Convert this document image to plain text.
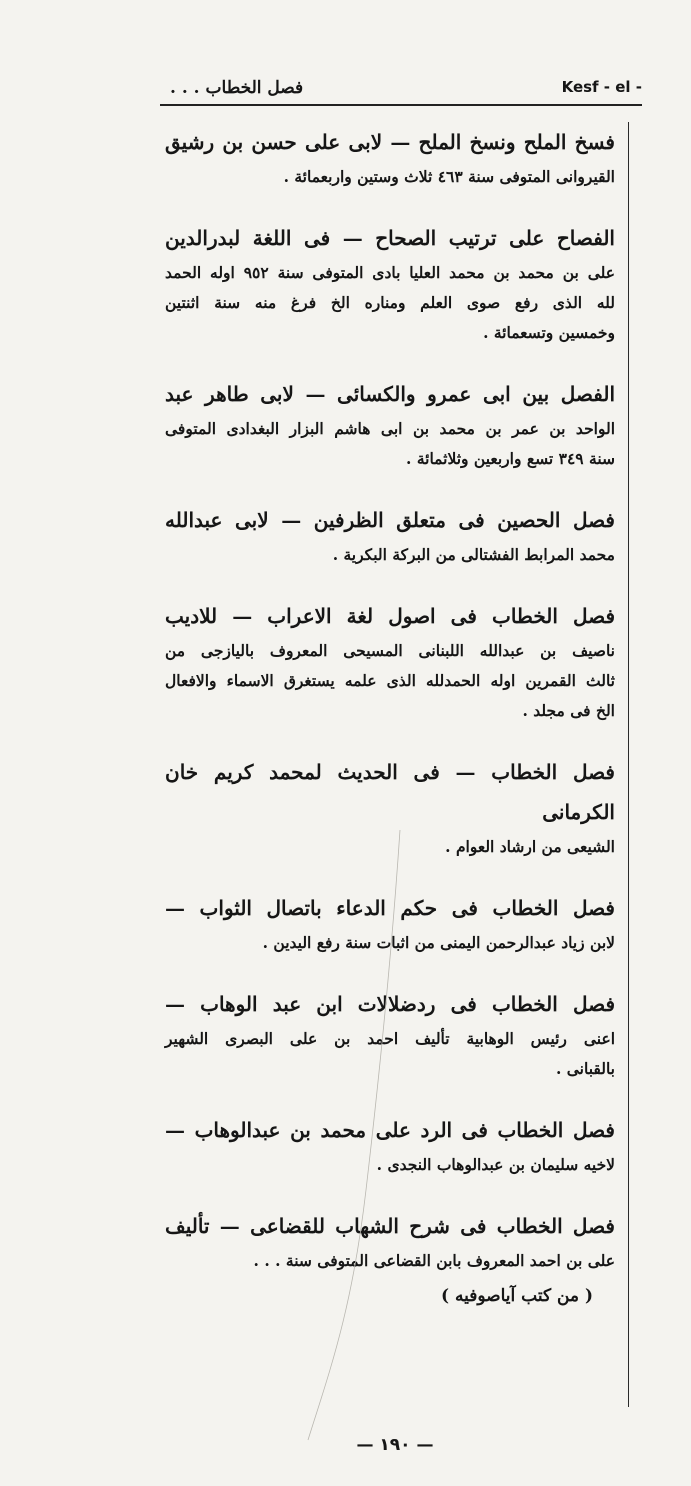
فصل الخطاب . . .	Kesf - el -
فسخ الملح ونسخ الملح — لابى على حسن بن رشيق
القيروانى المتوفى سنة ٤٦٣ ثلاث وستين واربعمائة .
الفصاح على ترتيب الصحاح — فى اللغة لبدرالدين
على بن محمد بن محمد العليا بادى المتوفى سنة ٩٥٢ اوله الحمد
لله الذى رفع صوى العلم ومناره الخ فرغ منه سنة اثنتين
وخمسين وتسعمائة .
الفصل بين ابى عمرو والكسائى — لابى طاهر عبد
الواحد بن عمر بن محمد بن ابى هاشم البزار البغدادى المتوفى
سنة ٣٤٩ تسع واربعين وثلاثمائة .
فصل الحصين فى متعلق الظرفين — لابى عبدالله
محمد المرابط الفشتالى من البركة البكرية .
فصل الخطاب فى اصول لغة الاعراب — للاديب
ناصيف بن عبدالله اللبنانى المسيحى المعروف باليازجى من
ثالث القمرين اوله الحمدلله الذى علمه يستغرق الاسماء والافعال
الخ فى مجلد .
فصل الخطاب — فى الحديث لمحمد كريم خان الكرمانى
الشيعى من ارشاد العوام .
فصل الخطاب فى حكم الدعاء باتصال الثواب —
لابن زياد عبدالرحمن اليمنى من اثبات سنة رفع اليدين .
فصل الخطاب فى ردضلالات ابن عبد الوهاب —
اعنى رئيس الوهابية تأليف احمد بن على البصرى الشهير
بالقبانى .
فصل الخطاب فى الرد على محمد بن عبدالوهاب —
لاخيه سليمان بن عبدالوهاب النجدى .
فصل الخطاب فى شرح الشهاب للقضاعى — تأليف
على بن احمد المعروف بابن القضاعى المتوفى سنة . . .
( من كتب آياصوفيه )
— ١٩٠ —
